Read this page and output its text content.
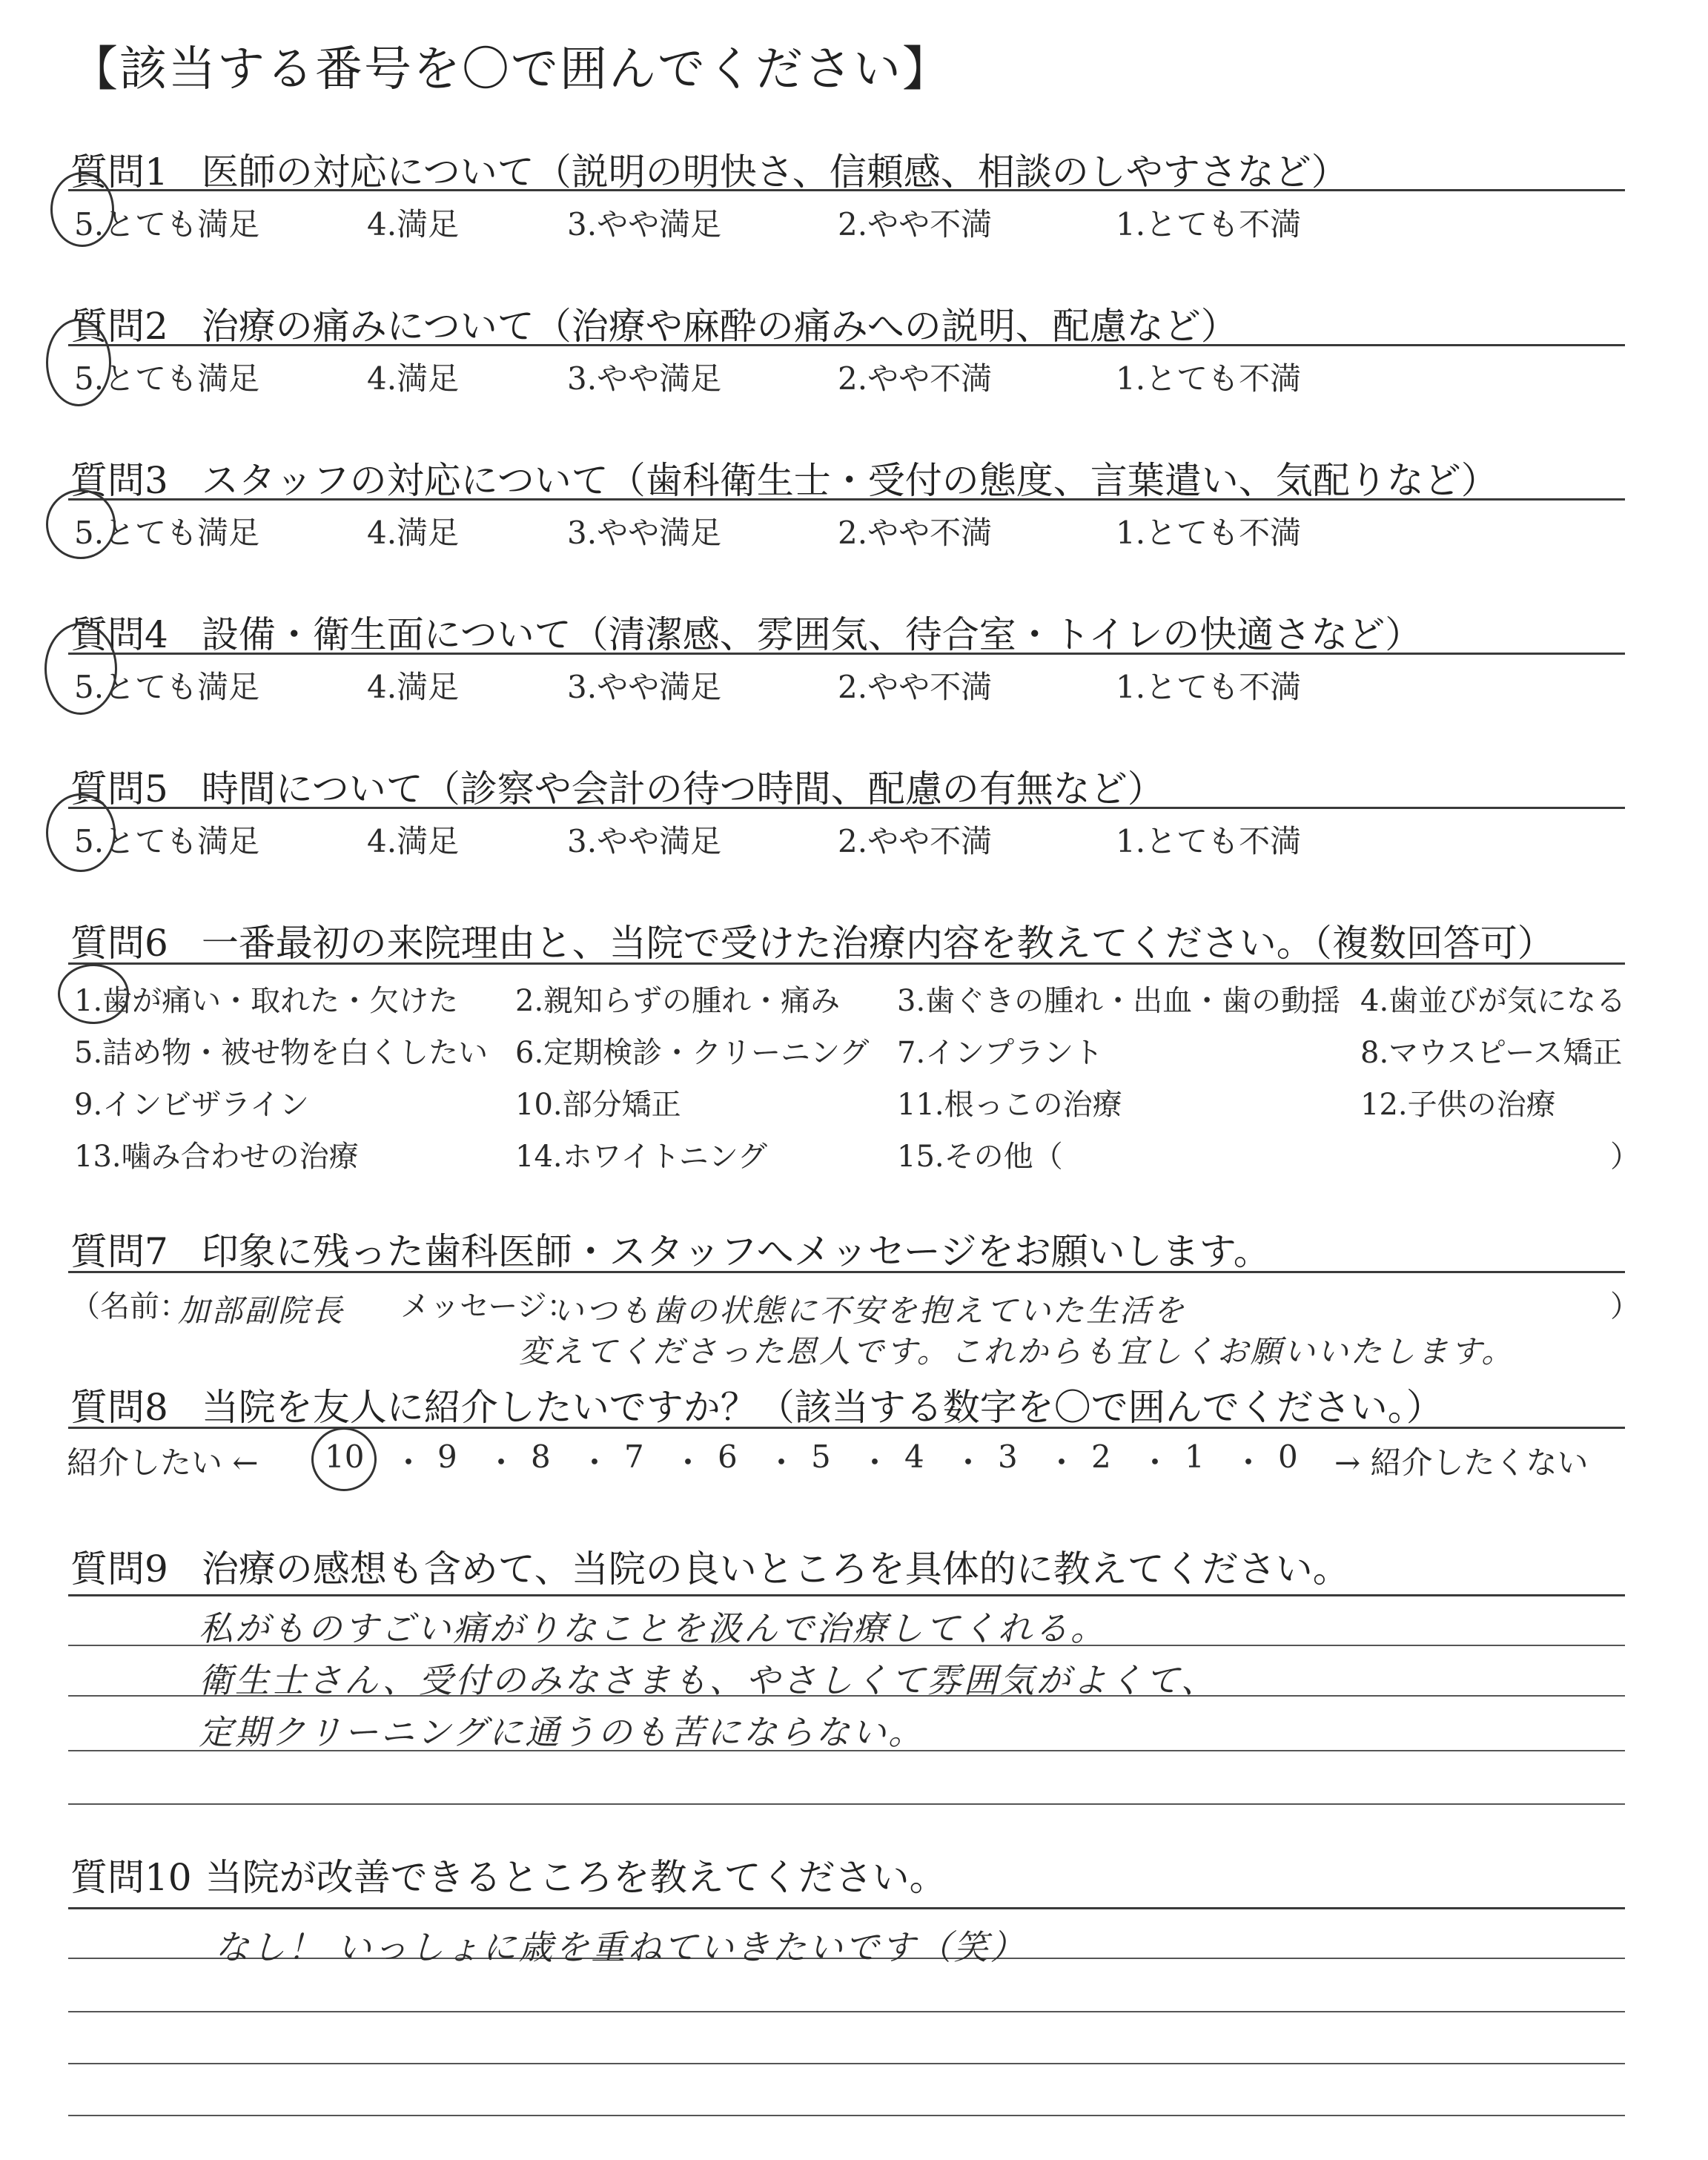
【該当する番号を〇で囲んでください】
質問1 医師の対応について（説明の明快さ、信頼感、相談のしやすさなど）
5.とても満足	4.満足	3.やや満足	2.やや不満	1.とても不満
質問2 治療の痛みについて（治療や麻酔の痛みへの説明、配慮など）
5.とても満足	4.満足	3.やや満足	2.やや不満	1.とても不満
質問3 スタッフの対応について（歯科衛生士・受付の態度、言葉遣い、気配りなど）
5.とても満足	4.満足	3.やや満足	2.やや不満	1.とても不満
質問4 設備・衛生面について（清潔感、雰囲気、待合室・トイレの快適さなど）
5.とても満足	4.満足	3.やや満足	2.やや不満	1.とても不満
質問5 時間について（診察や会計の待つ時間、配慮の有無など）
5.とても満足	4.満足	3.やや満足	2.やや不満	1.とても不満
質問6 一番最初の来院理由と、当院で受けた治療内容を教えてください。（複数回答可）
1.歯が痛い・取れた・欠けた 2.親知らずの腫れ・痛み 3.歯ぐきの腫れ・出血・歯の動揺 4.歯並びが気になる
5.詰め物・被せ物を白くしたい 6.定期検診・クリーニング 7.インプラント	8.マウスピース矯正
9.インビザライン	10.部分矯正	11.根っこの治療	12.子供の治療
13.噛み合わせの治療	14.ホワイトニング	15.その他（	）
質問7 印象に残った歯科医師・スタッフへメッセージをお願いします。
（名前：
加部副院長 メッセージ：
いつも歯の状態に不安を抱えていた生活を	）
変えてくださった恩人です。これからも宜しくお願いいたします。
質問8 当院を友人に紹介したいですか？（該当する数字を〇で囲んでください。）
紹介したい ← 10 ・ 9 ・ 8 ・ 7 ・ 6 ・ 5 ・ 4 ・ 3 ・ 2 ・ 1 ・ 0 → 紹介したくない
質問9 治療の感想も含めて、当院の良いところを具体的に教えてください。
私がものすごい痛がりなことを汲んで治療してくれる。
衛生士さん、受付のみなさまも、やさしくて雰囲気がよくて、
定期クリーニングに通うのも苦にならない。
質問10 当院が改善できるところを教えてください。
なし！ いっしょに歳を重ねていきたいです（笑）
